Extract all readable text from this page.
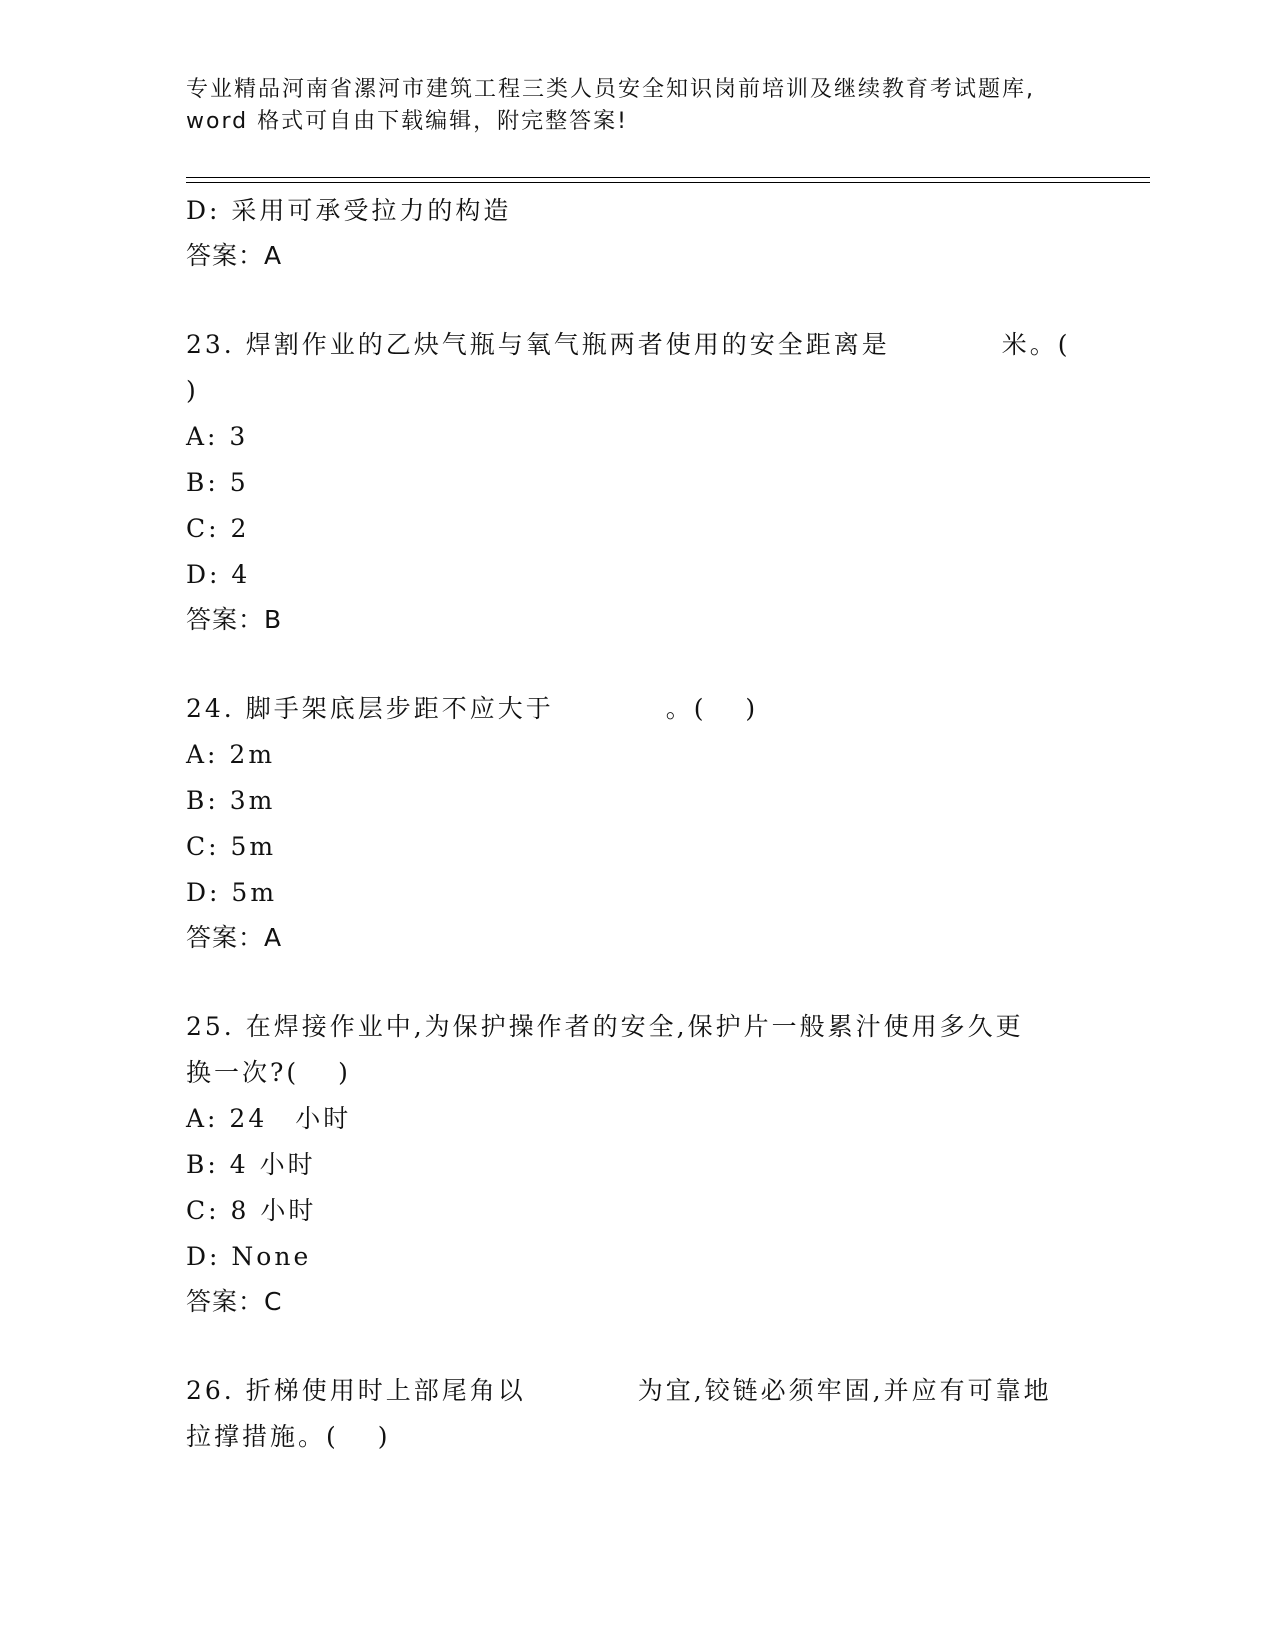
专业精品河南省漯河市建筑工程三类人员安全知识岗前培训及继续教育考试题库,
word 格式可自由下载编辑，附完整答案!
D: 采用可承受拉力的构造
答案：A
23. 焊割作业的乙炔气瓶与氧气瓶两者使用的安全距离是　　　　米。(
)
A: 3
B: 5
C: 2
D: 4
答案：B
24. 脚手架底层步距不应大于　　　　。(　 )
A: 2m
B: 3m
C: 5m
D: 5m
答案：A
25. 在焊接作业中,为保护操作者的安全,保护片一般累汁使用多久更
换一次?(　 )
A: 24　小时
B: 4 小时
C: 8 小时
D: None
答案：C
26. 折梯使用时上部尾角以　　　　为宜,铰链必须牢固,并应有可靠地
拉撑措施。(　 )
